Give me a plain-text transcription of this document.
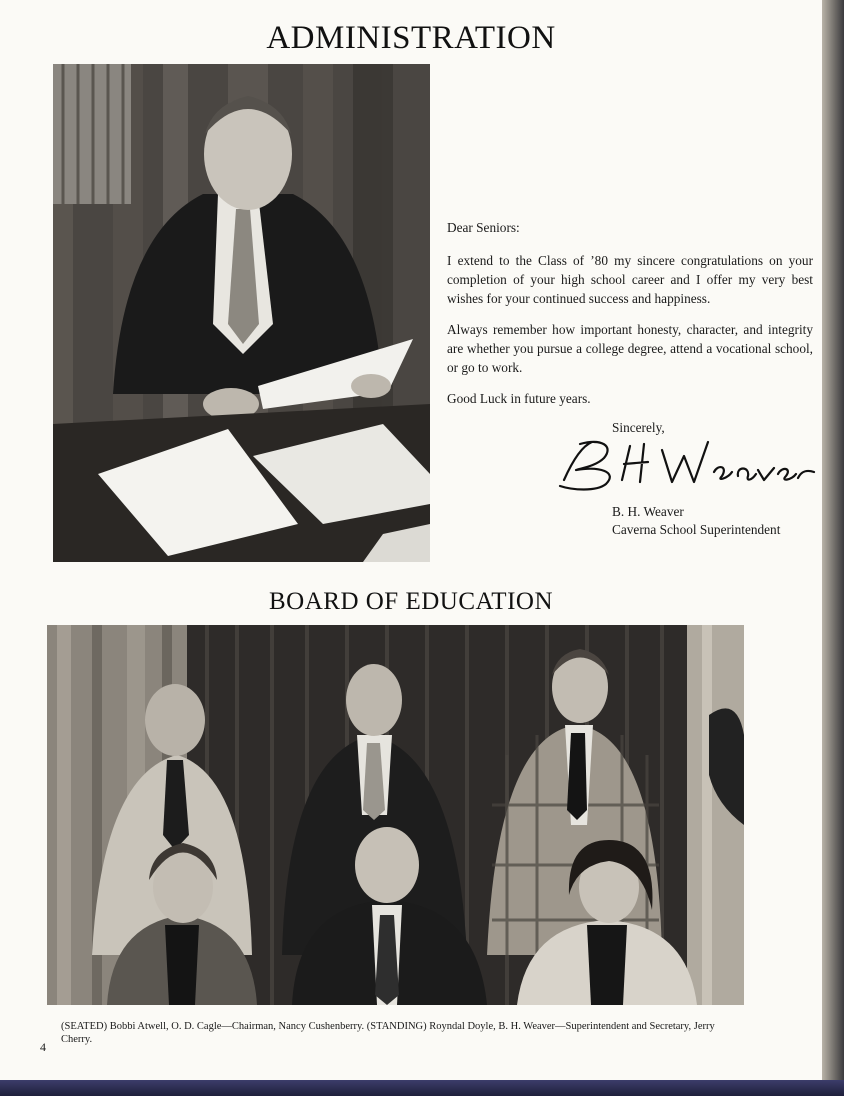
ADMINISTRATION

Dear Seniors:

I extend to the Class of ’80 my sincere congratulations on your completion of your high school career and I offer my very best wishes for your continued success and happiness.

Always remember how important honesty, character, and integrity are whether you pursue a college degree, attend a vocational school, or go to work.

Good Luck in future years.

Sincerely,
B. H. Weaver
Caverna School Superintendent
BOARD OF EDUCATION
(SEATED) Bobbi Atwell, O. D. Cagle—Chairman, Nancy Cushenberry. (STANDING) Royndal Doyle, B. H. Weaver—Superintendent and Secretary, Jerry Cherry.
4
